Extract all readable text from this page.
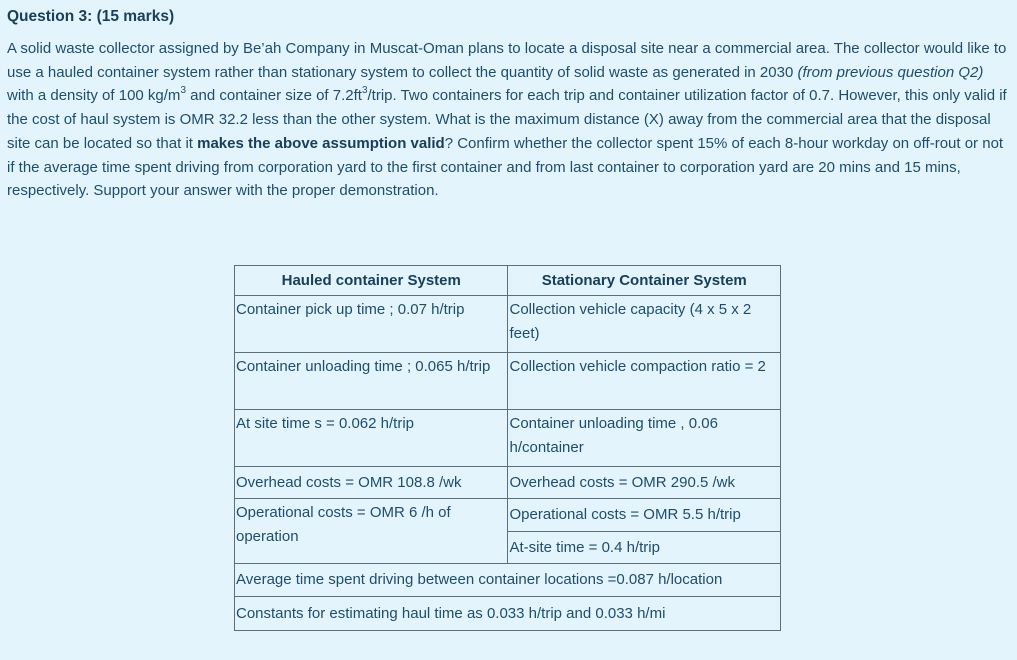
Question 3: (15 marks)
A solid waste collector assigned by Be’ah Company in Muscat-Oman plans to locate a disposal site near a commercial area. The collector would like to use a hauled container system rather than stationary system to collect the quantity of solid waste as generated in 2030 (from previous question Q2) with a density of 100 $kg/m^3$ and container size of $7.2ft^3$/trip. Two containers for each trip and container utilization factor of 0.7. However, this only valid if the cost of haul system is OMR 32.2 less than the other system. What is the maximum distance (X) away from the commercial area that the disposal site can be located so that it makes the above assumption valid? Confirm whether the collector spent 15% of each 8-hour workday on off-rout or not if the average time spent driving from corporation yard to the first container and from last container to corporation yard are 20 mins and 15 mins, respectively. Support your answer with the proper demonstration.
Hauled container System	Stationary Container System
Container pick up time ; 0.07 h/trip	Collection vehicle capacity (4 x 5 x 2 feet)
Container unloading time ; 0.065 h/trip	Collection vehicle compaction ratio = 2
At site time s = 0.062 h/trip	Container unloading time , 0.06 h/container
Overhead costs = OMR 108.8 /wk	Overhead costs = OMR 290.5 /wk
Operational costs = OMR 6 /h of operation	Operational costs = OMR 5.5 h/trip
	At-site time = 0.4 h/trip
Average time spent driving between container locations =0.087 h/location	
Constants for estimating haul time as 0.033 h/trip and 0.033 h/mi	
